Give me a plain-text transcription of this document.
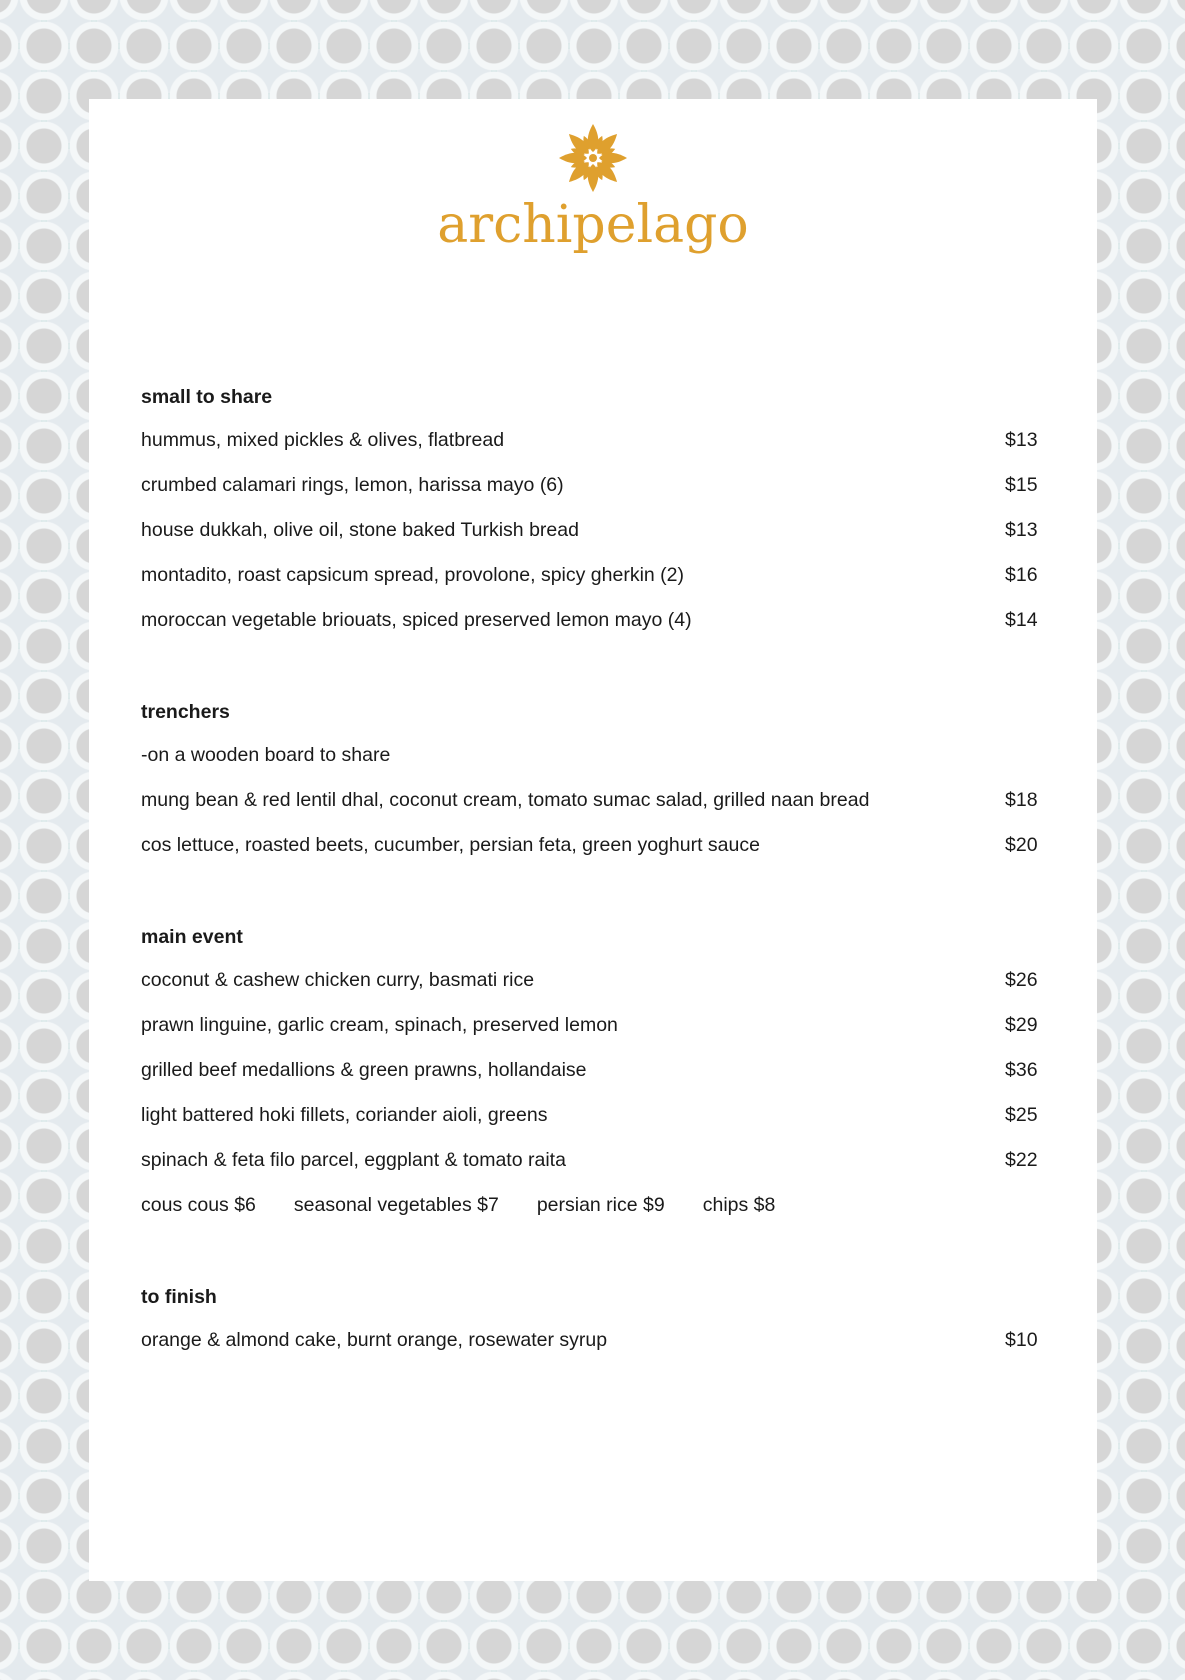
archipelago
small to share
hummus, mixed pickles & olives, flatbread	$13
crumbed calamari rings, lemon, harissa mayo (6)	$15
house dukkah, olive oil, stone baked Turkish bread	$13
montadito, roast capsicum spread, provolone, spicy gherkin (2)	$16
moroccan vegetable briouats, spiced preserved lemon mayo (4)	$14
trenchers
-on a wooden board to share
mung bean & red lentil dhal, coconut cream, tomato sumac salad, grilled naan bread	$18
cos lettuce, roasted beets, cucumber, persian feta, green yoghurt sauce	$20
main event
coconut & cashew chicken curry, basmati rice	$26
prawn linguine, garlic cream, spinach, preserved lemon	$29
grilled beef medallions & green prawns, hollandaise	$36
light battered hoki fillets, coriander aioli, greens	$25
spinach & feta filo parcel, eggplant & tomato raita	$22
cous cous $6 seasonal vegetables $7 persian rice $9 chips $8
to finish
orange & almond cake, burnt orange, rosewater syrup	$10
